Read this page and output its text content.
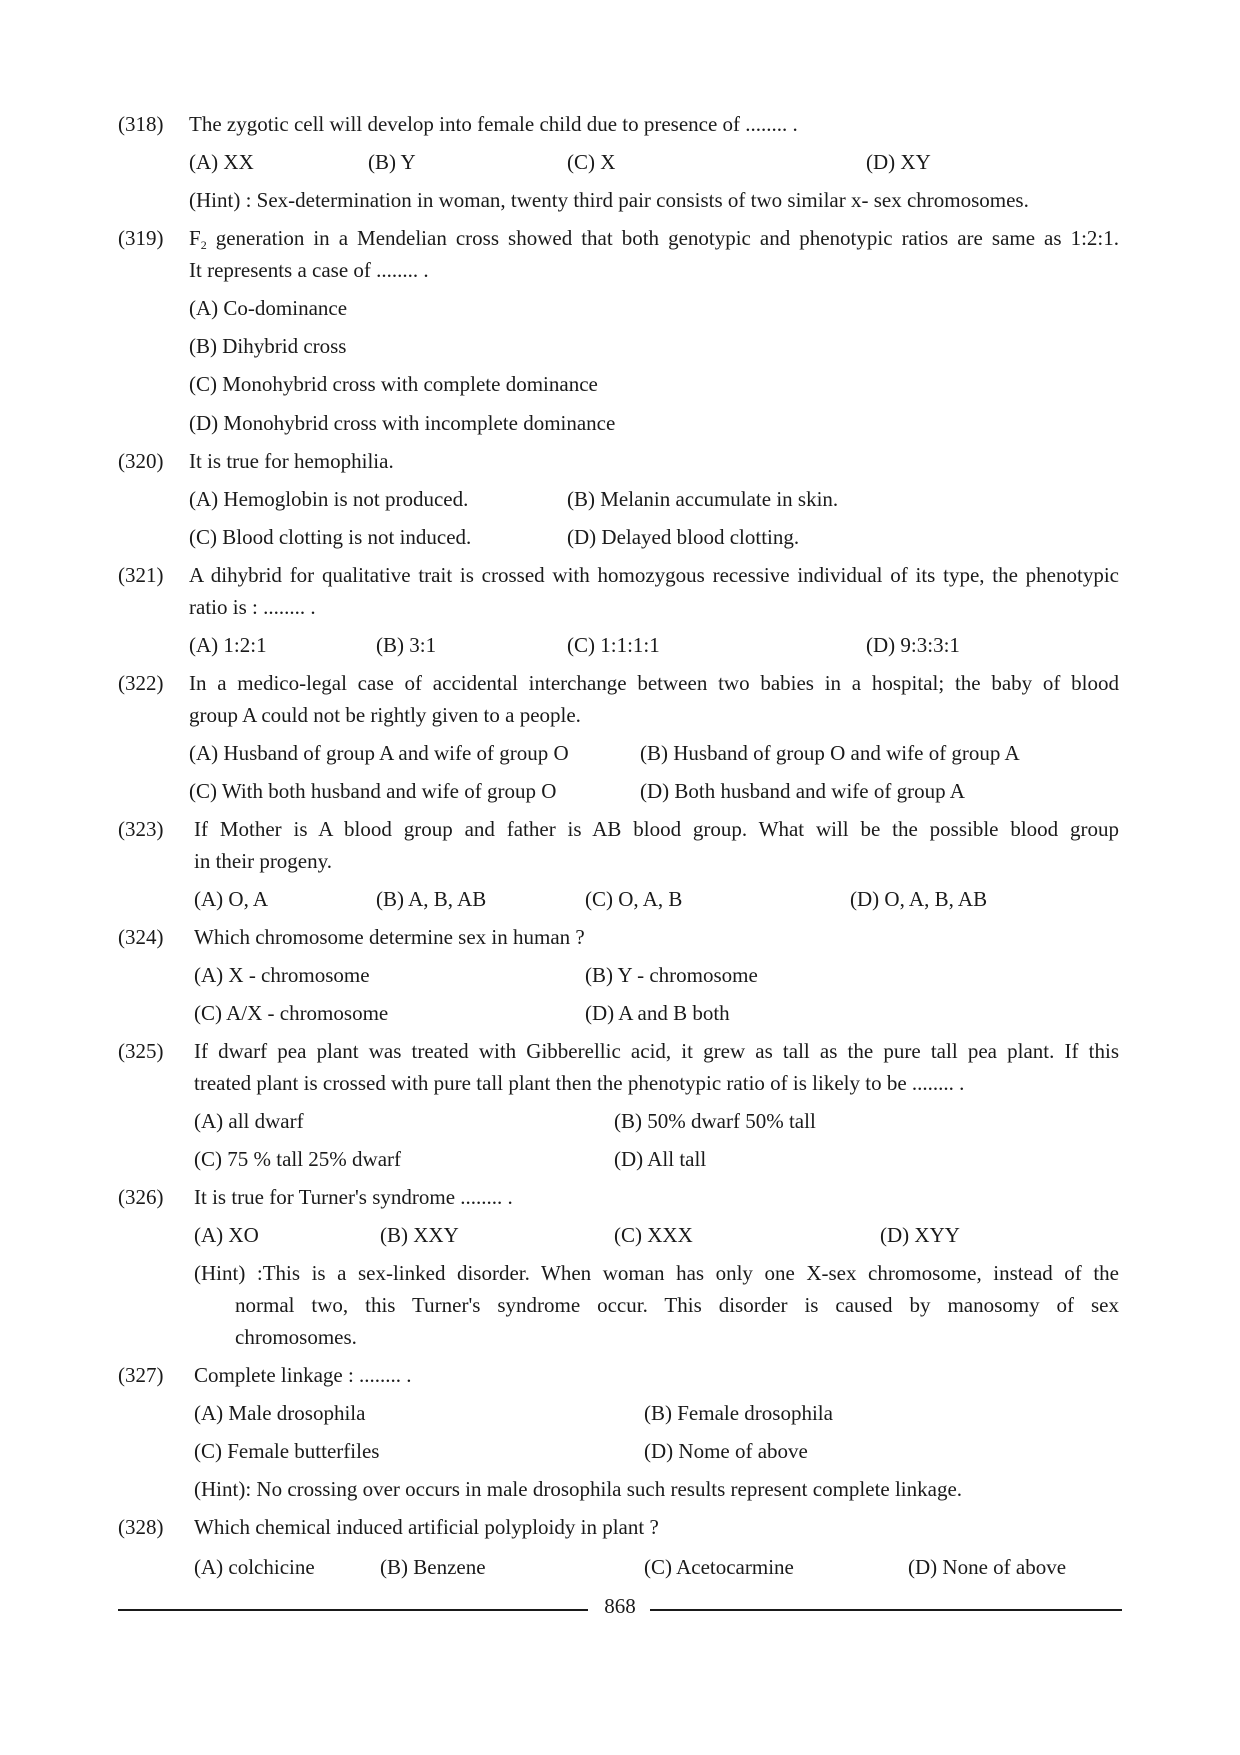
(318)	The zygotic cell will develop into female child due to presence of ........ .
(A) XX	(B) Y	(C) X	(D) XY
(Hint) : Sex-determination in woman, twenty third pair consists of two similar x- sex chromosomes.
(319)	$F_2$ generation in a Mendelian cross showed that both genotypic and phenotypic ratios are same as 1:2:1.
It represents a case of ........ .
(A) Co-dominance
(B) Dihybrid cross
(C) Monohybrid cross with complete dominance
(D) Monohybrid cross with incomplete dominance
(320)	It is true for hemophilia.
(A) Hemoglobin is not produced.	(B) Melanin accumulate in skin.
(C) Blood clotting is not induced.	(D) Delayed blood clotting.
(321)	A dihybrid for qualitative trait is crossed with homozygous recessive individual of its type, the phenotypic
ratio is : ........ .
(A) 1:2:1	(B) 3:1	(C) 1:1:1:1	(D) 9:3:3:1
(322)	In a medico-legal case of accidental interchange between two babies in a hospital; the baby of blood
group A could not be rightly given to a people.
(A) Husband of group A and wife of group O	(B) Husband of group O and wife of group A
(C) With both husband and wife of group O	(D) Both husband and wife of group A
(323)	If Mother is A blood group and father is AB blood group. What will be the possible blood group
in their progeny.
(A) O, A	(B) A, B, AB	(C) O, A, B	(D) O, A, B, AB
(324)	Which chromosome determine sex in human ?
(A) X - chromosome	(B) Y - chromosome
(C) A/X - chromosome	(D) A and B both
(325)	If dwarf pea plant was treated with Gibberellic acid, it grew as tall as the pure tall pea plant. If this
treated plant is crossed with pure tall plant then the phenotypic ratio of is likely to be ........ .
(A) all dwarf	(B) 50% dwarf 50% tall
(C) 75 % tall 25% dwarf	(D) All tall
(326)	It is true for Turner's syndrome ........ .
(A) XO	(B) XXY	(C) XXX	(D) XYY
(Hint) :This is a sex-linked disorder. When woman has only one X-sex chromosome, instead of the
normal two, this Turner's syndrome occur. This disorder is caused by manosomy of sex
chromosomes.
(327)	Complete linkage : ........ .
(A) Male drosophila	(B) Female drosophila
(C) Female butterfiles	(D) Nome of above
(Hint): No crossing over occurs in male drosophila such results represent complete linkage.
(328)	Which chemical induced artificial polyploidy in plant ?
(A) colchicine	(B) Benzene	(C) Acetocarmine	(D) None of above
868
